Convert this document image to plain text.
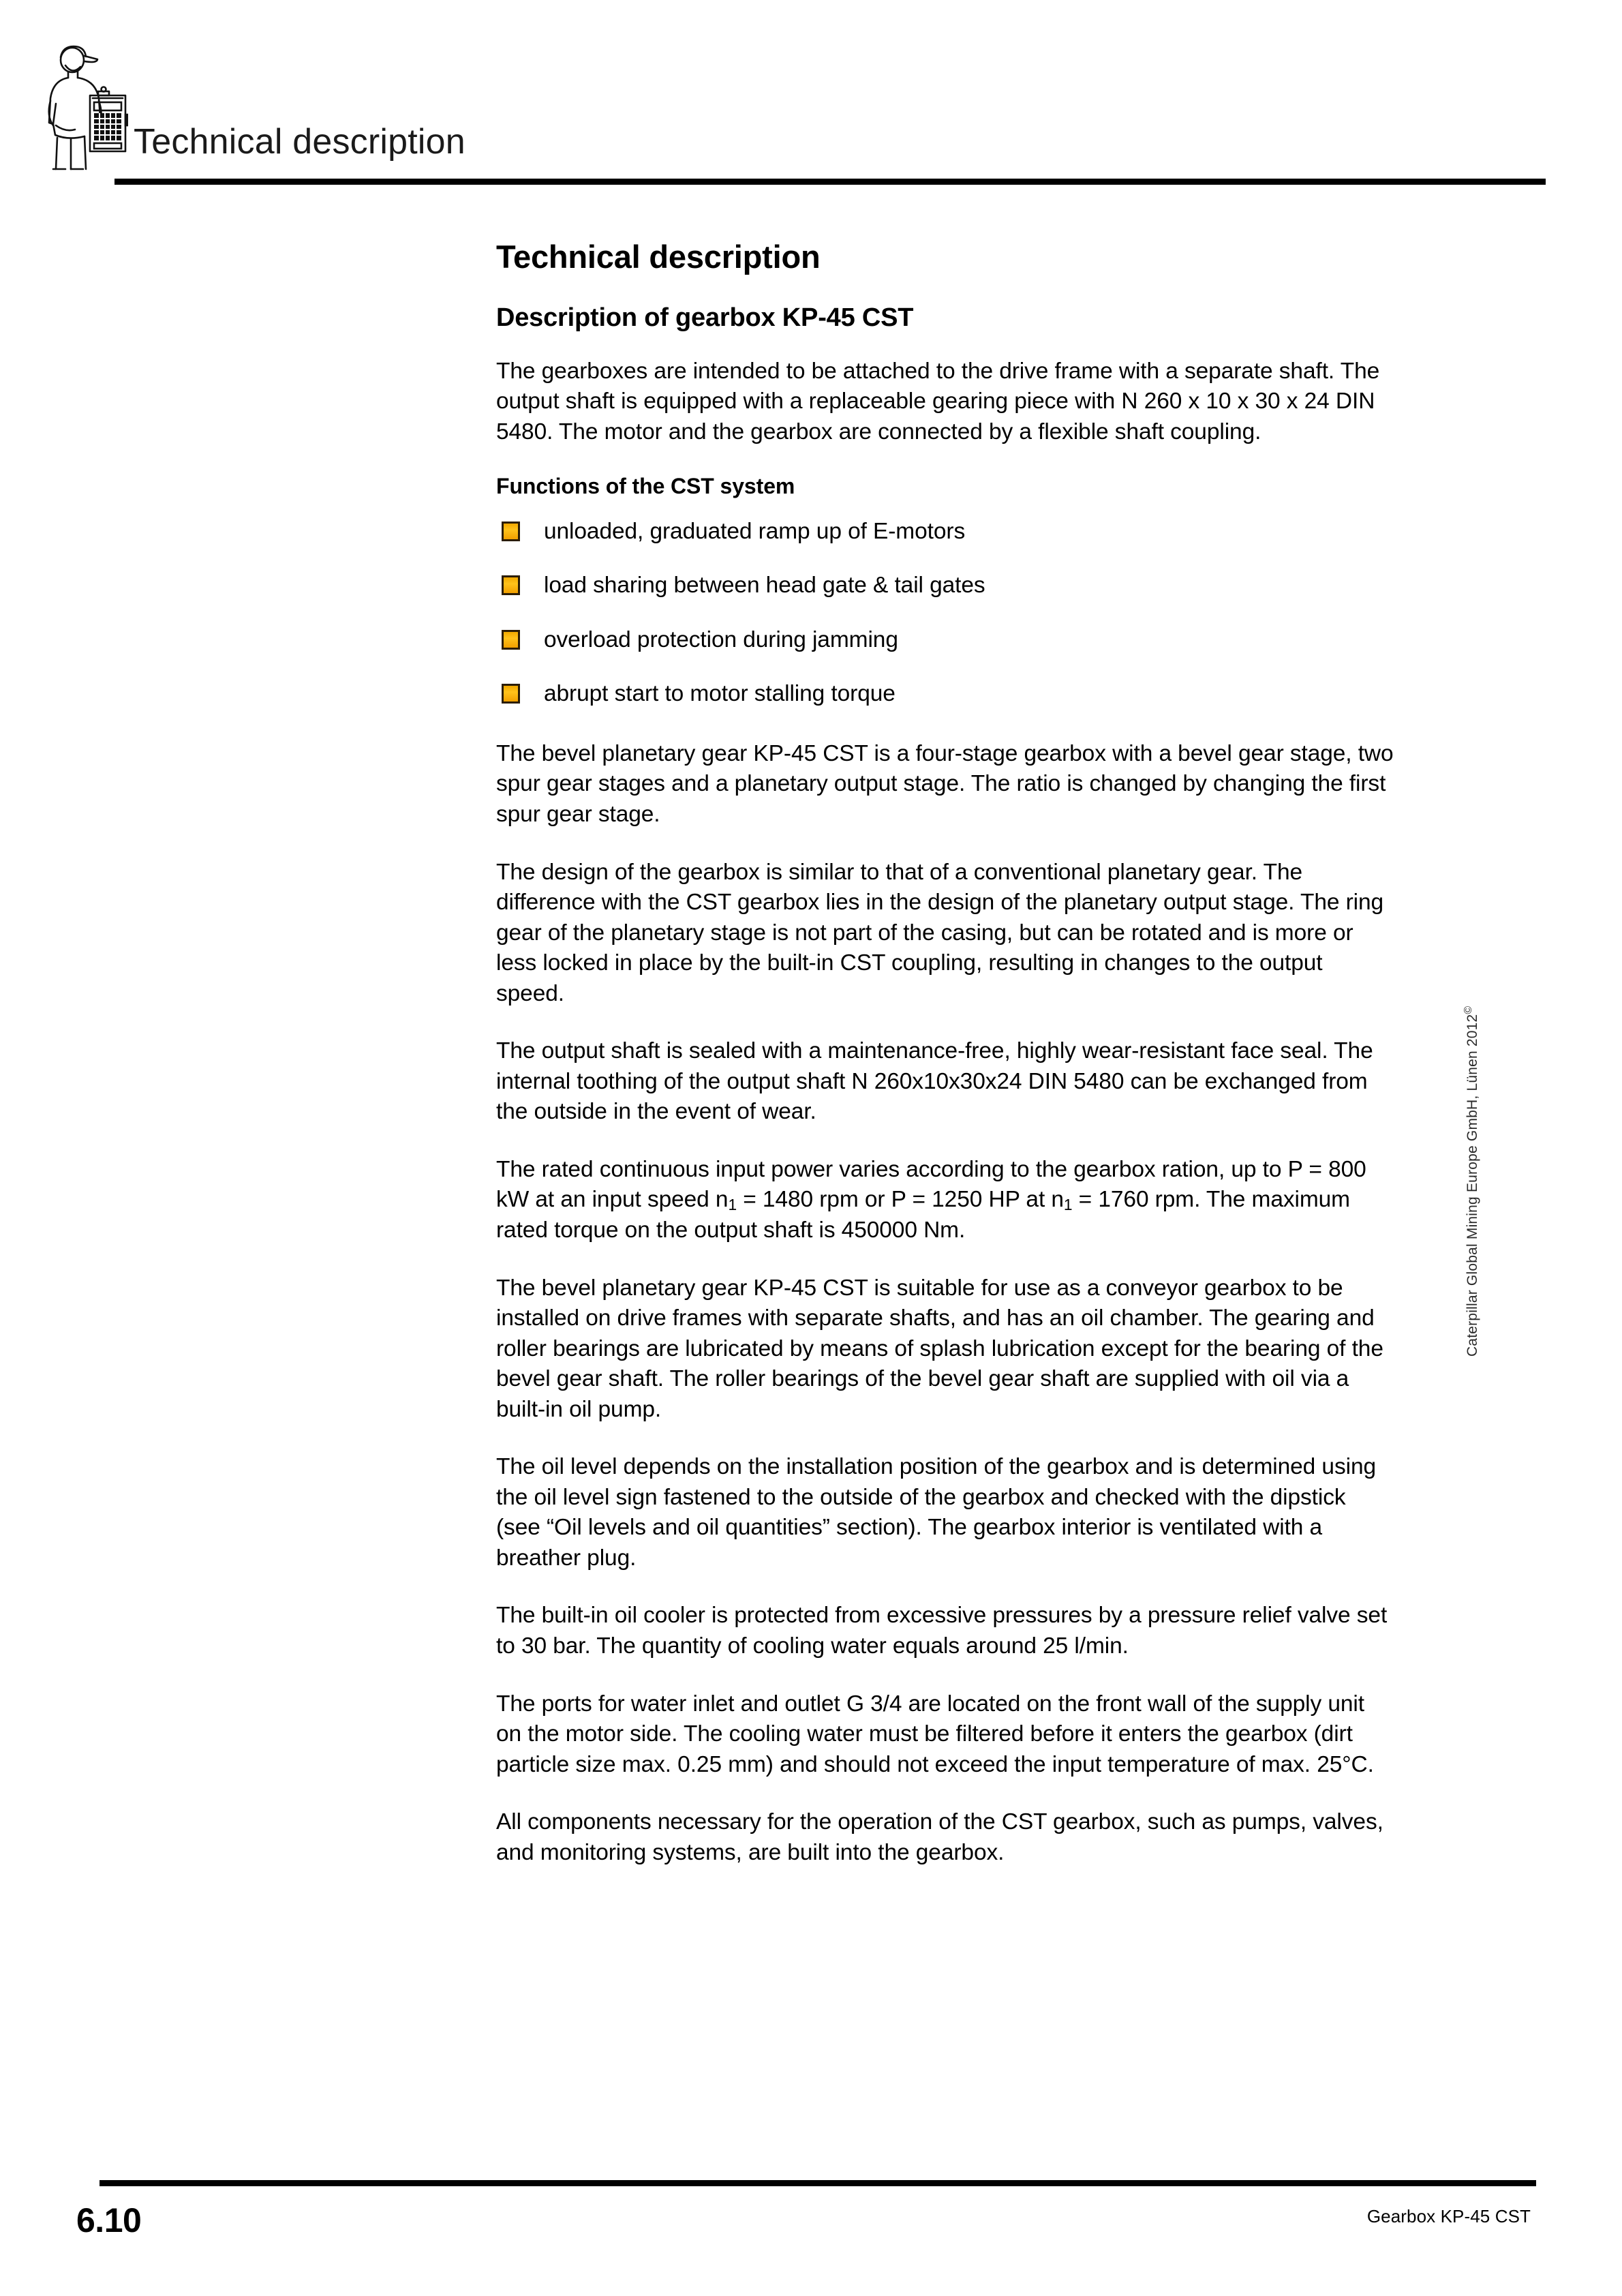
Technical description
Technical description
Description of gearbox KP-45 CST

The gearboxes are intended to be attached to the drive frame with a separate shaft. The output shaft is equipped with a replaceable gearing piece with N 260 x 10 x 30 x 24 DIN 5480. The motor and the gearbox are connected by a flexible shaft coupling.

Functions of the CST system
unloaded, graduated ramp up of E-motors
load sharing between head gate & tail gates
overload protection during jamming
abrupt start to motor stalling torque

The bevel planetary gear KP-45 CST is a four-stage gearbox with a bevel gear stage, two spur gear stages and a planetary output stage. The ratio is changed by changing the first spur gear stage.

The design of the gearbox is similar to that of a conventional planetary gear. The difference with the CST gearbox lies in the design of the planetary output stage. The ring gear of the planetary stage is not part of the casing, but can be rotated and is more or less locked in place by the built-in CST coupling, resulting in changes to the output speed.

The output shaft is sealed with a maintenance-free, highly wear-resistant face seal. The internal toothing of the output shaft N 260x10x30x24 DIN 5480 can be exchanged from the outside in the event of wear.

The rated continuous input power varies according to the gearbox ration, up to P = 800 kW at an input speed $n_1 = 1480$ rpm or P = 1250 HP at $n_1 = 1760$ rpm. The maximum rated torque on the output shaft is 450000 Nm.

The bevel planetary gear KP-45 CST is suitable for use as a conveyor gearbox to be installed on drive frames with separate shafts, and has an oil chamber. The gearing and roller bearings are lubricated by means of splash lubrication except for the bearing of the bevel gear shaft. The roller bearings of the bevel gear shaft are supplied with oil via a built-in oil pump.

The oil level depends on the installation position of the gearbox and is determined using the oil level sign fastened to the outside of the gearbox and checked with the dipstick (see “Oil levels and oil quantities” section). The gearbox interior is ventilated with a breather plug.

The built-in oil cooler is protected from excessive pressures by a pressure relief valve set to 30 bar. The quantity of cooling water equals around 25 l/min.

The ports for water inlet and outlet G 3/4 are located on the front wall of the supply unit on the motor side. The cooling water must be filtered before it enters the gearbox (dirt particle size max. 0.25 mm) and should not exceed the input temperature of max. 25°C.

All components necessary for the operation of the CST gearbox, such as pumps, valves, and monitoring systems, are built into the gearbox.

Caterpillar Global Mining Europe GmbH, Lünen 2012©
6.10	Gearbox KP-45 CST
